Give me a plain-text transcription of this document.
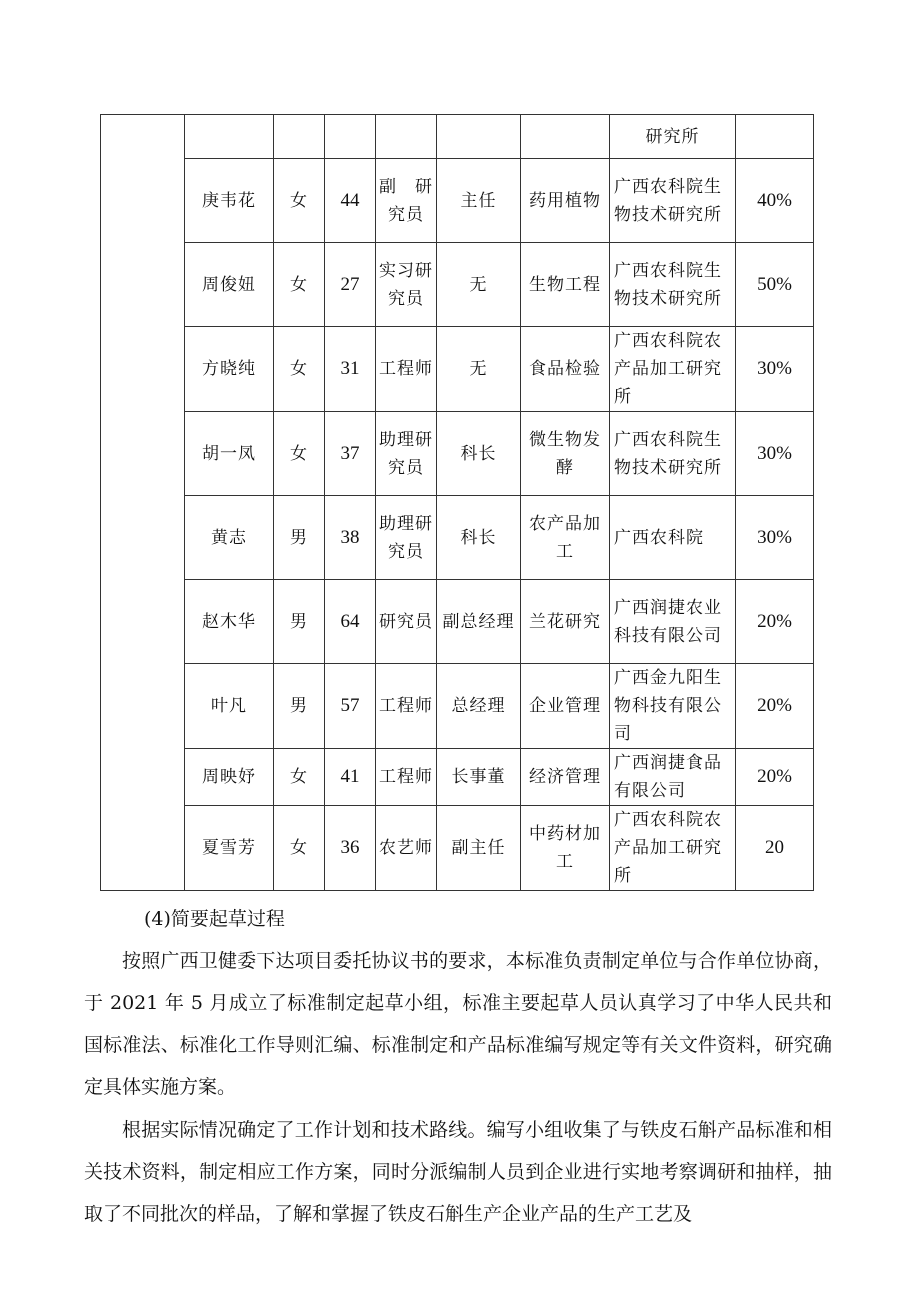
							研究所	

	庚韦花	女	44	副　研究员	主任	药用植物	广西农科院生物技术研究所	40%

	周俊妞	女	27	实习研究员	无	生物工程	广西农科院生物技术研究所	50%

	方晓纯	女	31	工程师	无	食品检验	广西农科院农产品加工研究所	30%

	胡一凤	女	37	助理研究员	科长	微生物发酵	广西农科院生物技术研究所	30%

	黄志	男	38	助理研究员	科长	农产品加工	广西农科院	30%

	赵木华	男	64	研究员	副总经理	兰花研究	广西润捷农业科技有限公司	20%

	叶凡	男	57	工程师	总经理	企业管理	广西金九阳生物科技有限公司	20%

	周映妤	女	41	工程师	长事董	经济管理	广西润捷食品有限公司	20%

	夏雪芳	女	36	农艺师	副主任	中药材加工	广西农科院农产品加工研究所	20

(4)简要起草过程

按照广西卫健委下达项目委托协议书的要求，本标准负责制定单位与合作单位协商，于 2021 年 5 月成立了标准制定起草小组，标准主要起草人员认真学习了中华人民共和国标准法、标准化工作导则汇编、标准制定和产品标准编写规定等有关文件资料，研究确定具体实施方案。

根据实际情况确定了工作计划和技术路线。编写小组收集了与铁皮石斛产品标准和相关技术资料，制定相应工作方案，同时分派编制人员到企业进行实地考察调研和抽样，抽取了不同批次的样品，了解和掌握了铁皮石斛生产企业产品的生产工艺及
